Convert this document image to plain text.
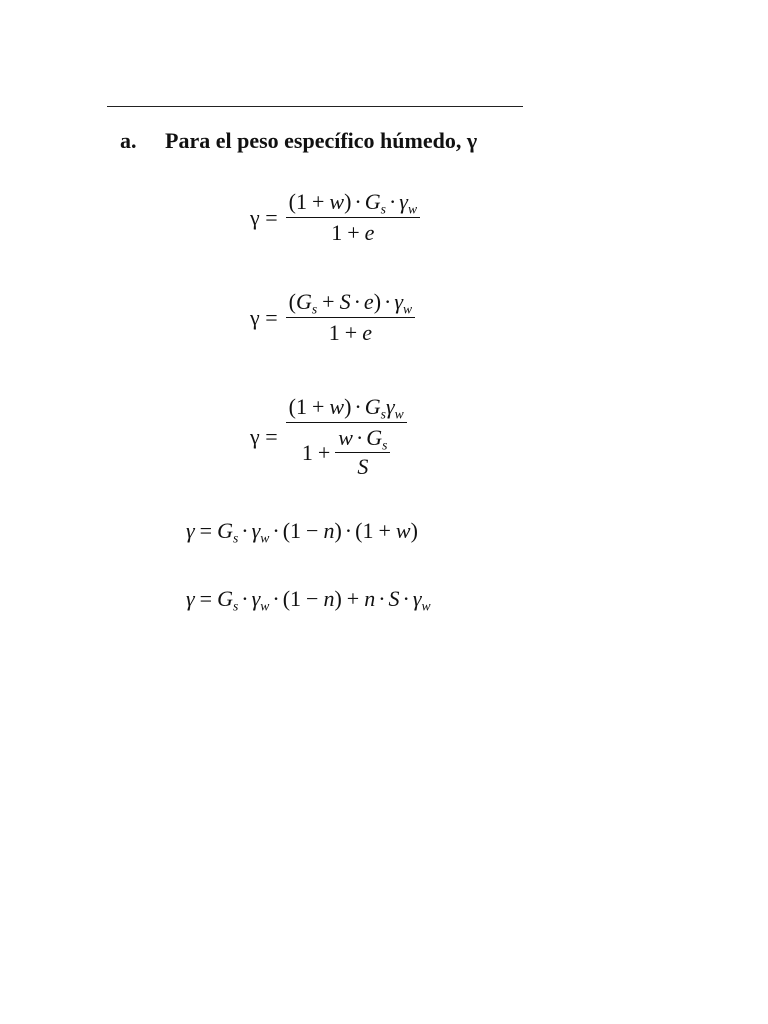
a. Para el peso específico húmedo, γ
$\gamma = \frac{(1 + w) \cdot G_s \cdot \gamma_w}{1 + e}$
$\gamma = \frac{(G_s + S \cdot e) \cdot \gamma_w}{1 + e}$
$\gamma = \frac{(1 + w) \cdot G_s\gamma_w}{1 + \frac{w \cdot G_s}{S}}$
$\gamma = G_s \cdot \gamma_w \cdot (1 - n) \cdot (1 + w)$
$\gamma = G_s \cdot \gamma_w \cdot (1 - n) + n \cdot S \cdot \gamma_w$
